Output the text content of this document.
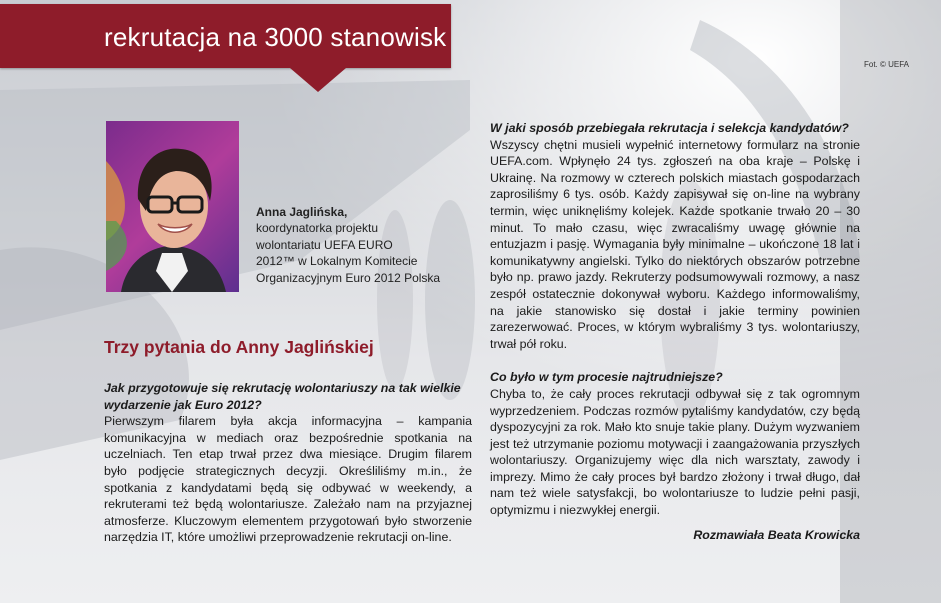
rekrutacja na 3000 stanowisk
Fot. © UEFA
Anna Jaglińska,
koordynatorka projektu
wolontariatu UEFA EURO
2012™ w Lokalnym Komitecie
Organizacyjnym Euro 2012 Polska
Trzy pytania do Anny Jaglińskiej
Jak przygotowuje się rekrutację wolontariuszy na tak wielkie wydarzenie jak Euro 2012?
Pierwszym filarem była akcja informacyjna – kampania komunikacyjna w mediach oraz bezpośrednie spotkania na uczelniach. Ten etap trwał przez dwa miesiące. Drugim filarem było podjęcie strategicznych decyzji. Określiliśmy m.in., że spotkania z kandydatami będą się odbywać w weekendy, a rekruterami też będą wolontariusze. Zależało nam na przyjaznej atmosferze. Kluczowym elementem przygotowań było stworzenie narzędzia IT, które umożliwi przeprowadzenie rekrutacji on-line.
W jaki sposób przebiegała rekrutacja i selekcja kandydatów?
Wszyscy chętni musieli wypełnić internetowy formularz na stronie UEFA.com. Wpłynęło 24 tys. zgłoszeń na oba kraje – Polskę i Ukrainę. Na rozmowy w czterech polskich miastach gospodarzach zaprosiliśmy 6 tys. osób. Każdy zapisywał się on-line na wybrany termin, więc uniknęliśmy kolejek. Każde spotkanie trwało 20 – 30 minut. To mało czasu, więc zwracaliśmy uwagę głównie na entuzjazm i pasję. Wymagania były minimalne – ukończone 18 lat i komunikatywny angielski. Tylko do niektórych obszarów potrzebne było np. prawo jazdy. Rekruterzy podsumowywali rozmowy, a nasz zespół ostatecznie dokonywał wyboru. Każdego informowaliśmy, na jakie stanowisko się dostał i jakie terminy powinien zarezerwować. Proces, w którym wybraliśmy 3 tys. wolontariuszy, trwał pół roku.
Co było w tym procesie najtrudniejsze?
Chyba to, że cały proces rekrutacji odbywał się z tak ogromnym wyprzedzeniem. Podczas rozmów pytaliśmy kandydatów, czy będą dyspozycyjni za rok. Mało kto snuje takie plany. Dużym wyzwaniem jest też utrzymanie poziomu motywacji i zaangażowania przyszłych wolontariuszy. Organizujemy więc dla nich warsztaty, zawody i imprezy. Mimo że cały proces był bardzo złożony i trwał długo, dał nam też wiele satysfakcji, bo wolontariusze to ludzie pełni pasji, optymizmu i niezwykłej energii.
Rozmawiała Beata Krowicka
